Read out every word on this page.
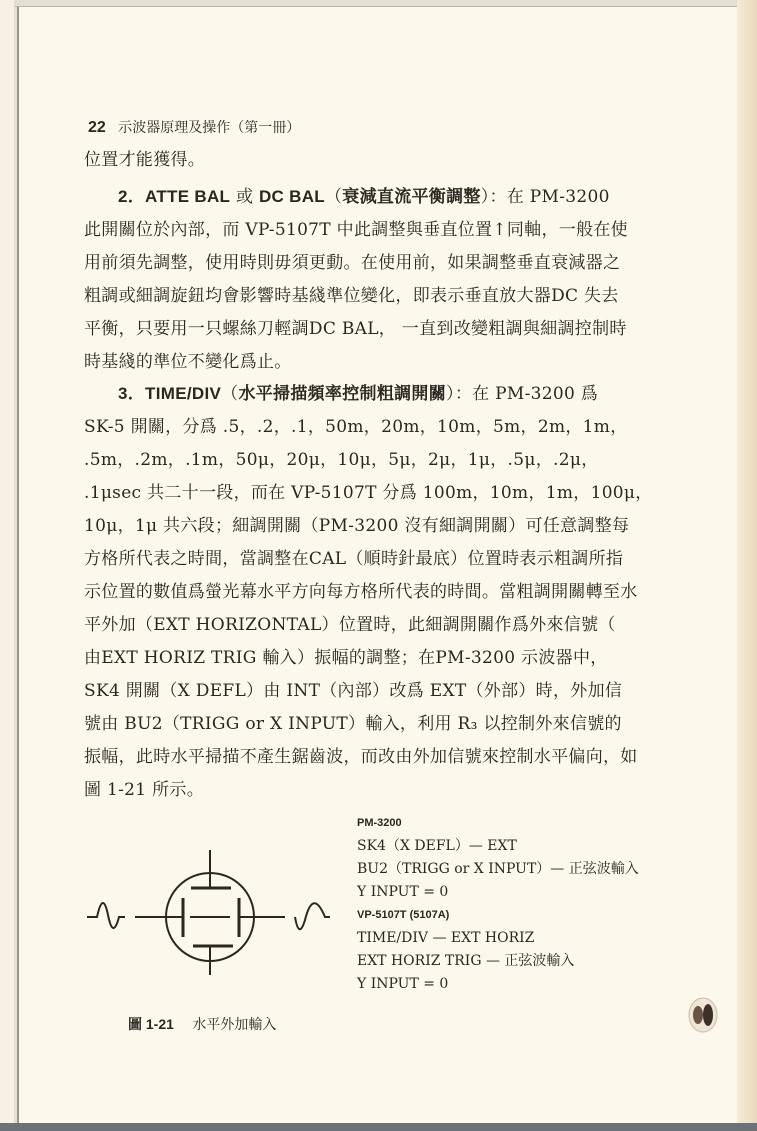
22 示波器原理及操作（第一冊）
位置才能獲得。
2．ATTE BAL 或 DC BAL（衰減直流平衡調整）：在 PM-3200
此開關位於內部，而 VP-5107T 中此調整與垂直位置↑同軸，一般在使
用前須先調整，使用時則毋須更動。在使用前，如果調整垂直衰減器之
粗調或細調旋鈕均會影響時基綫準位變化，即表示垂直放大器DC 失去
平衡，只要用一只螺絲刀輕調DC BAL， 一直到改變粗調與細調控制時
時基綫的準位不變化爲止。
3．TIME/DIV（水平掃描頻率控制粗調開關）：在 PM-3200 爲
SK-5 開關，分爲 .5，.2，.1，50m，20m，10m，5m，2m，1m，
.5m，.2m，.1m，50μ，20μ，10μ，5μ，2μ，1μ，.5μ，.2μ，
.1μsec 共二十一段，而在 VP-5107T 分爲 100m，10m，1m，100μ，
10μ，1μ 共六段；細調開關（PM-3200 沒有細調開關）可任意調整每
方格所代表之時間，當調整在CAL（順時針最底）位置時表示粗調所指
示位置的數值爲螢光幕水平方向每方格所代表的時間。當粗調開關轉至水
平外加（EXT HORIZONTAL）位置時，此細調開關作爲外來信號（
由EXT HORIZ TRIG 輸入）振幅的調整；在PM-3200 示波器中，
SK4 開關（X DEFL）由 INT（內部）改爲 EXT（外部）時，外加信
號由 BU2（TRIGG or X INPUT）輸入，利用 R₃ 以控制外來信號的
振幅，此時水平掃描不產生鋸齒波，而改由外加信號來控制水平偏向，如
圖 1-21 所示。
PM-3200
SK4（X DEFL）— EXT
BU2（TRIGG or X INPUT）— 正弦波輸入
Y INPUT = 0
VP-5107T (5107A)
TIME/DIV — EXT HORIZ
EXT HORIZ TRIG — 正弦波輸入
Y INPUT = 0
圖 1-21 水平外加輸入
